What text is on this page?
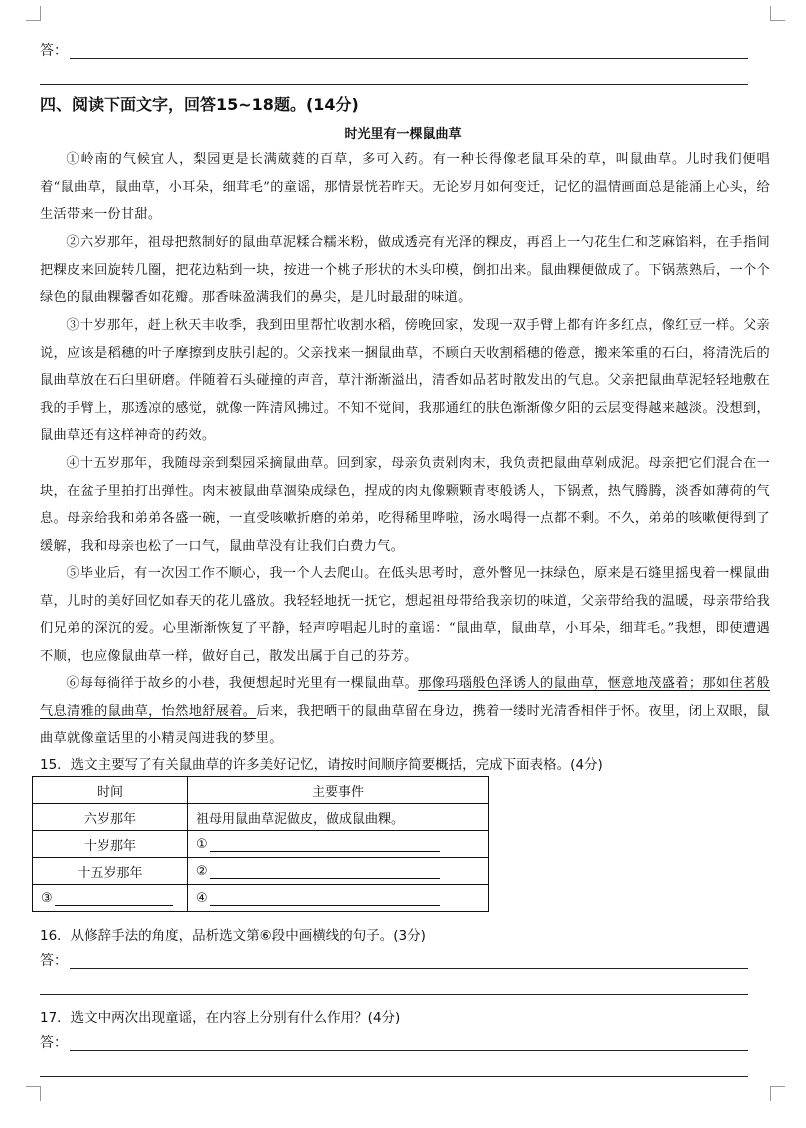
答：
四、阅读下面文字，回答15~18题。(14分)
时光里有一棵鼠曲草

①岭南的气候宜人，梨园更是长满葳蕤的百草，多可入药。有一种长得像老鼠耳朵的草，叫鼠曲草。儿时我们便唱着“鼠曲草，鼠曲草，小耳朵，细茸毛”的童谣，那情景恍若昨天。无论岁月如何变迁，记忆的温情画面总是能涌上心头，给生活带来一份甘甜。

②六岁那年，祖母把熬制好的鼠曲草泥糅合糯米粉，做成透亮有光泽的粿皮，再舀上一勺花生仁和芝麻馅料，在手指间把粿皮来回旋转几圈，把花边粘到一块，按进一个桃子形状的木头印模，倒扣出来。鼠曲粿便做成了。下锅蒸熟后，一个个绿色的鼠曲粿馨香如花瓣。那香味盈满我们的鼻尖，是儿时最甜的味道。

③十岁那年，赶上秋天丰收季，我到田里帮忙收割水稻，傍晚回家，发现一双手臂上都有许多红点，像红豆一样。父亲说，应该是稻穗的叶子摩擦到皮肤引起的。父亲找来一捆鼠曲草，不顾白天收割稻穗的倦意，搬来笨重的石臼，将清洗后的鼠曲草放在石臼里研磨。伴随着石头碰撞的声音，草汁渐渐溢出，清香如品茗时散发出的气息。父亲把鼠曲草泥轻轻地敷在我的手臂上，那透凉的感觉，就像一阵清风拂过。不知不觉间，我那通红的肤色渐渐像夕阳的云层变得越来越淡。没想到，鼠曲草还有这样神奇的药效。

④十五岁那年，我随母亲到梨园采摘鼠曲草。回到家，母亲负责剁肉末，我负责把鼠曲草剁成泥。母亲把它们混合在一块，在盆子里拍打出弹性。肉末被鼠曲草涸染成绿色，捏成的肉丸像颗颗青枣般诱人，下锅煮，热气腾腾，淡香如薄荷的气息。母亲给我和弟弟各盛一碗，一直受咳嗽折磨的弟弟，吃得稀里哗啦，汤水喝得一点都不剩。不久，弟弟的咳嗽便得到了缓解，我和母亲也松了一口气，鼠曲草没有让我们白费力气。

⑤毕业后，有一次因工作不顺心，我一个人去爬山。在低头思考时，意外瞥见一抹绿色，原来是石缝里摇曳着一棵鼠曲草，儿时的美好回忆如春天的花儿盛放。我轻轻地抚一抚它，想起祖母带给我亲切的味道，父亲带给我的温暖，母亲带给我们兄弟的深沉的爱。心里渐渐恢复了平静，轻声哼唱起儿时的童谣：“鼠曲草，鼠曲草，小耳朵，细茸毛。”我想，即使遭遇不顺，也应像鼠曲草一样，做好自己，散发出属于自己的芬芳。

⑥每每徜徉于故乡的小巷，我便想起时光里有一棵鼠曲草。那像玛瑙般色泽诱人的鼠曲草，惬意地茂盛着；那如住茗般气息清雅的鼠曲草，怡然地舒展着。后来，我把晒干的鼠曲草留在身边，携着一缕时光清香相伴于怀。夜里，闭上双眼，鼠曲草就像童话里的小精灵闯进我的梦里。

15．选文主要写了有关鼠曲草的许多美好记忆，请按时间顺序简要概括，完成下面表格。(4分)
时间	主要事件
六岁那年	祖母用鼠曲草泥做皮，做成鼠曲粿。
十岁那年	①
十五岁那年	②
③	④
16．从修辞手法的角度，品析选文第⑥段中画横线的句子。(3分)
答：
17．选文中两次出现童谣，在内容上分别有什么作用？(4分)
答：
